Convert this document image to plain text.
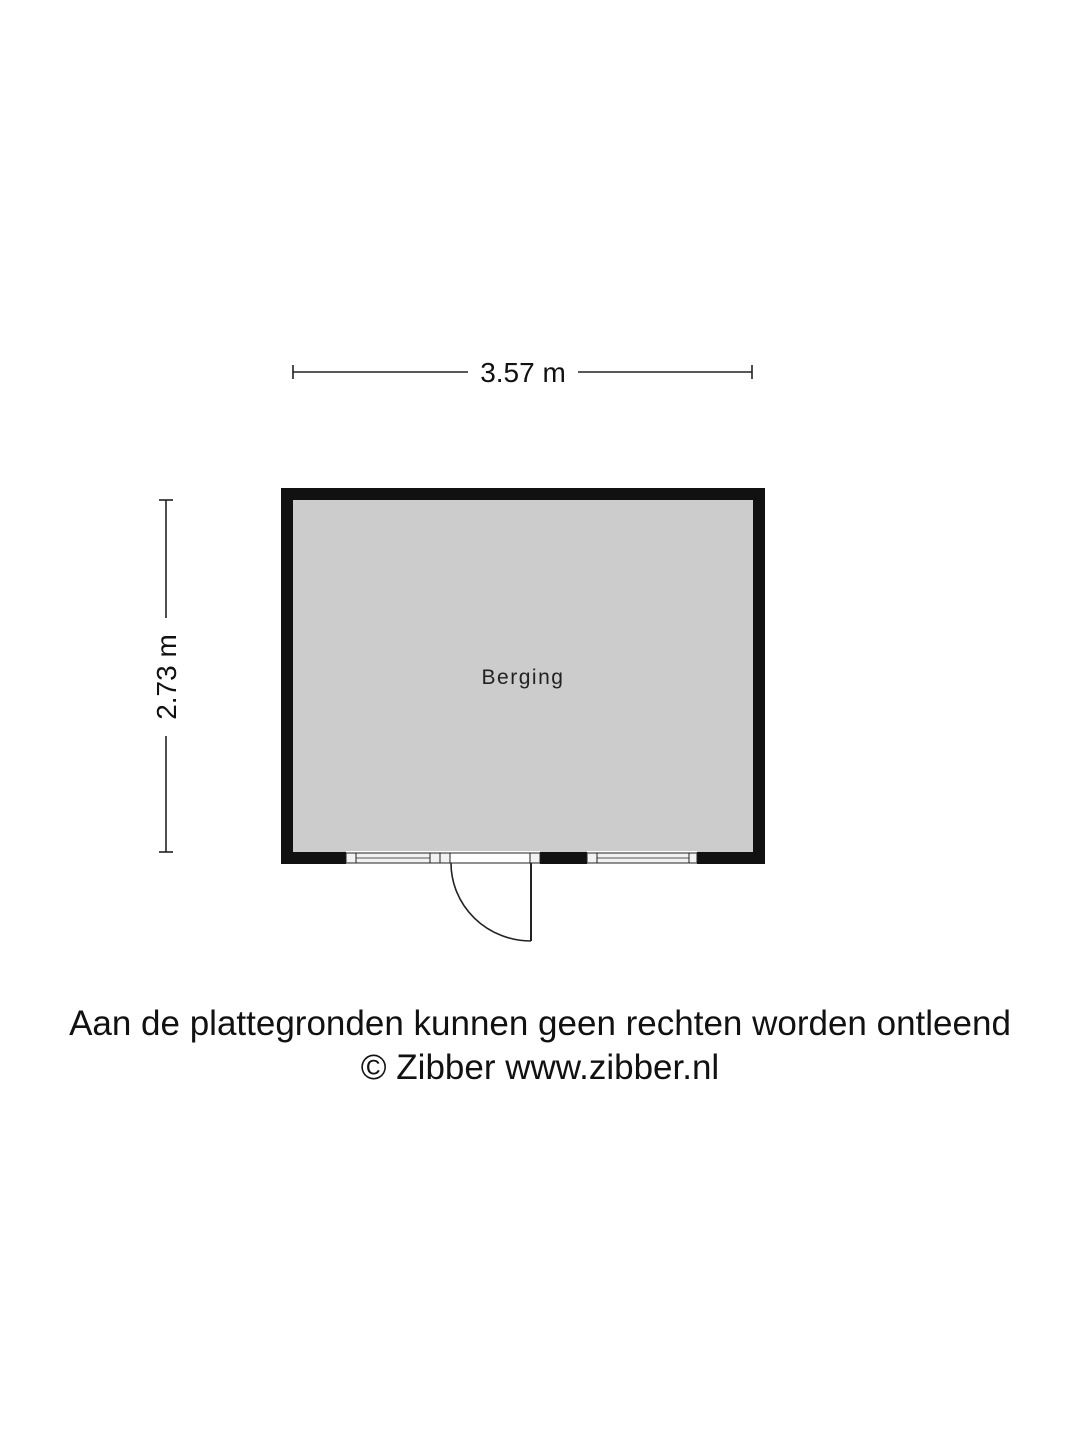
3.57 m
2.73 m	Berging
Aan de plattegronden kunnen geen rechten worden ontleend
© Zibber www.zibber.nl
